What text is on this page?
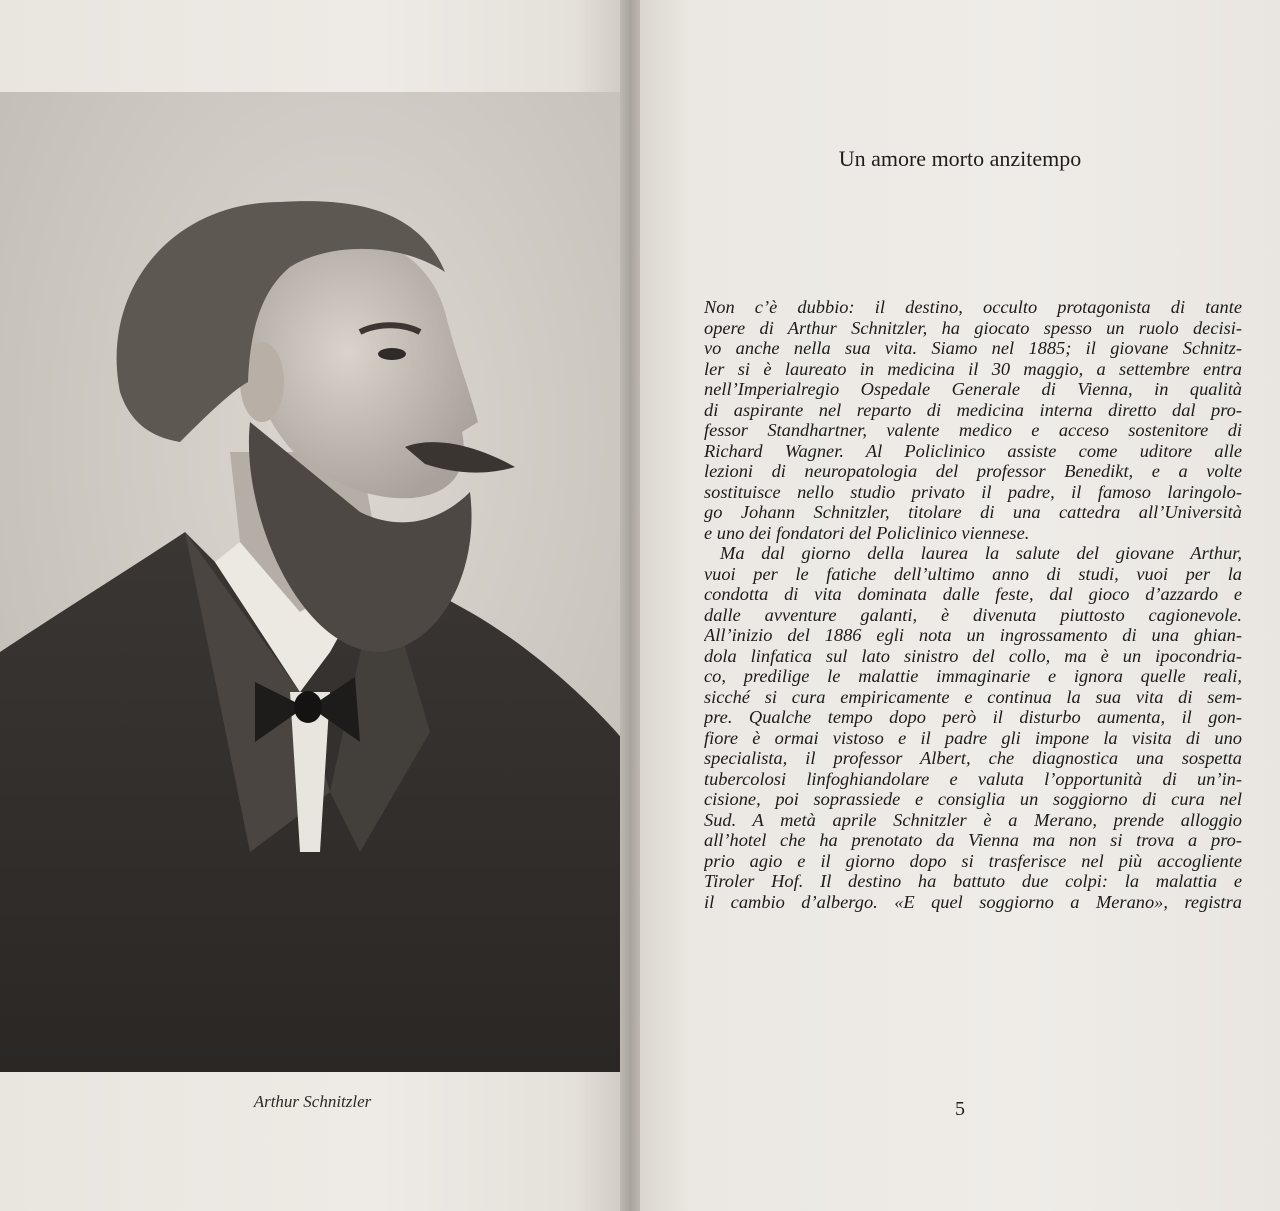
Arthur Schnitzler
Un amore morto anzitempo
Non c’è dubbio: il destino, occulto protagonista di tante
opere di Arthur Schnitzler, ha giocato spesso un ruolo decisi-
vo anche nella sua vita. Siamo nel 1885; il giovane Schnitz-
ler si è laureato in medicina il 30 maggio, a settembre entra
nell’Imperialregio Ospedale Generale di Vienna, in qualità
di aspirante nel reparto di medicina interna diretto dal pro-
fessor Standhartner, valente medico e acceso sostenitore di
Richard Wagner. Al Policlinico assiste come uditore alle
lezioni di neuropatologia del professor Benedikt, e a volte
sostituisce nello studio privato il padre, il famoso laringolo-
go Johann Schnitzler, titolare di una cattedra all’Università
e uno dei fondatori del Policlinico viennese.
Ma dal giorno della laurea la salute del giovane Arthur,
vuoi per le fatiche dell’ultimo anno di studi, vuoi per la
condotta di vita dominata dalle feste, dal gioco d’azzardo e
dalle avventure galanti, è divenuta piuttosto cagionevole.
All’inizio del 1886 egli nota un ingrossamento di una ghian-
dola linfatica sul lato sinistro del collo, ma è un ipocondria-
co, predilige le malattie immaginarie e ignora quelle reali,
sicché si cura empiricamente e continua la sua vita di sem-
pre. Qualche tempo dopo però il disturbo aumenta, il gon-
fiore è ormai vistoso e il padre gli impone la visita di uno
specialista, il professor Albert, che diagnostica una sospetta
tubercolosi linfoghiandolare e valuta l’opportunità di un’in-
cisione, poi soprassiede e consiglia un soggiorno di cura nel
Sud. A metà aprile Schnitzler è a Merano, prende alloggio
all’hotel che ha prenotato da Vienna ma non si trova a pro-
prio agio e il giorno dopo si trasferisce nel più accogliente
Tiroler Hof. Il destino ha battuto due colpi: la malattia e
il cambio d’albergo. «E quel soggiorno a Merano», registra
5
